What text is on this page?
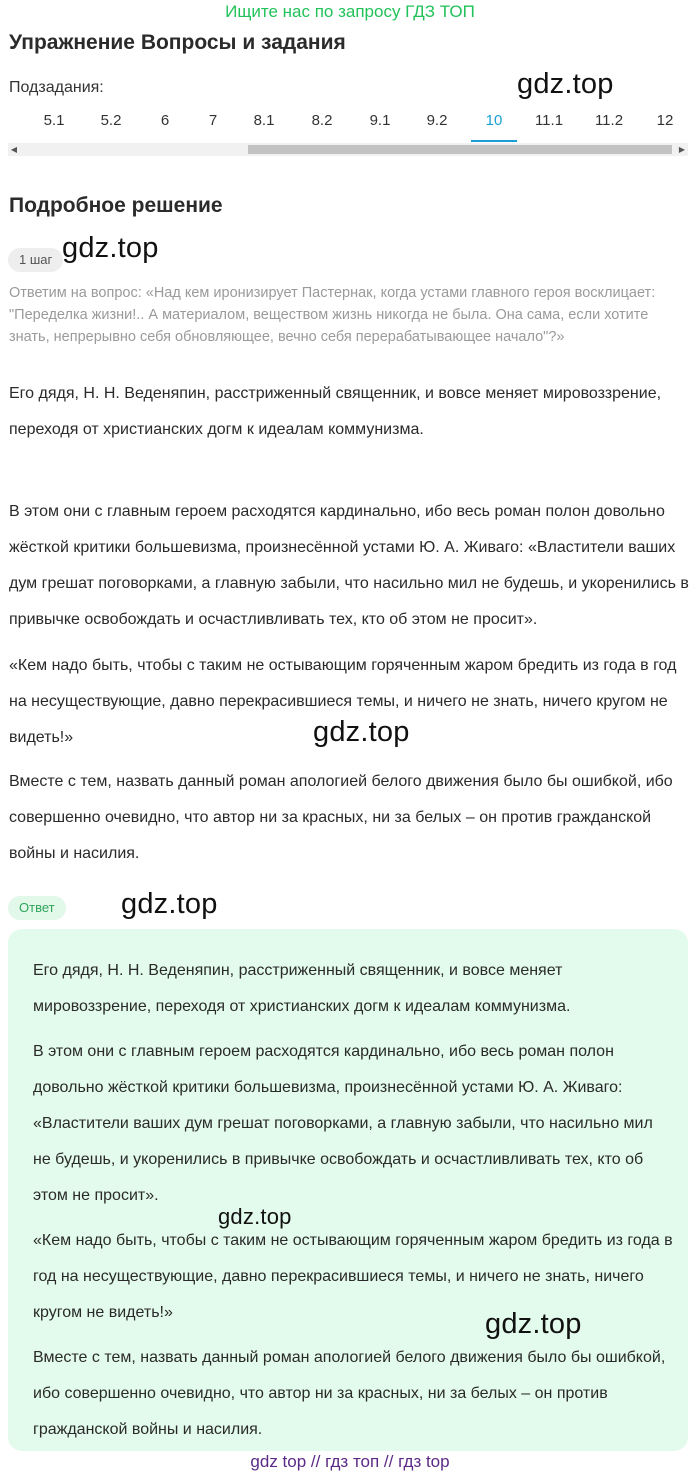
Ищите нас по запросу ГДЗ ТОП
Упражнение Вопросы и задания
Подзадания:
5.1 5.2	6	7 8.1 8.2 9.1 9.2	10	11.1 11.2 12
◀	▶
Подробное решение
1 шаг
Ответим на вопрос: «Над кем иронизирует Пастернак, когда устами главного героя восклицает: "Переделка жизни!.. А материалом, веществом жизнь никогда не была. Она сама, если хотите знать, непрерывно себя обновляющее, вечно себя перерабатывающее начало"?»
Его дядя, Н. Н. Веденяпин, расстриженный священник, и вовсе меняет мировоззрение, переходя от христианских догм к идеалам коммунизма.
В этом они с главным героем расходятся кардинально, ибо весь роман полон довольно жёсткой критики большевизма, произнесённой устами Ю. А. Живаго: «Властители ваших дум грешат поговорками, а главную забыли, что насильно мил не будешь, и укоренились в привычке освобождать и осчастливливать тех, кто об этом не просит».
«Кем надо быть, чтобы с таким не остывающим горяченным жаром бредить из года в год на несуществующие, давно перекрасившиеся темы, и ничего не знать, ничего кругом не видеть!»
Вместе с тем, назвать данный роман апологией белого движения было бы ошибкой, ибо совершенно очевидно, что автор ни за красных, ни за белых – он против гражданской войны и насилия.
Ответ
Его дядя, Н. Н. Веденяпин, расстриженный священник, и вовсе меняет мировоззрение, переходя от христианских догм к идеалам коммунизма.
В этом они с главным героем расходятся кардинально, ибо весь роман полон довольно жёсткой критики большевизма, произнесённой устами Ю. А. Живаго: «Властители ваших дум грешат поговорками, а главную забыли, что насильно мил не будешь, и укоренились в привычке освобождать и осчастливливать тех, кто об этом не просит».
«Кем надо быть, чтобы с таким не остывающим горяченным жаром бредить из года в год на несуществующие, давно перекрасившиеся темы, и ничего не знать, ничего кругом не видеть!»
Вместе с тем, назвать данный роман апологией белого движения было бы ошибкой, ибо совершенно очевидно, что автор ни за красных, ни за белых – он против гражданской войны и насилия.
gdz.top
gdz.top
gdz.top
gdz.top
gdz.top
gdz.top
gdz top // гдз топ // гдз top
